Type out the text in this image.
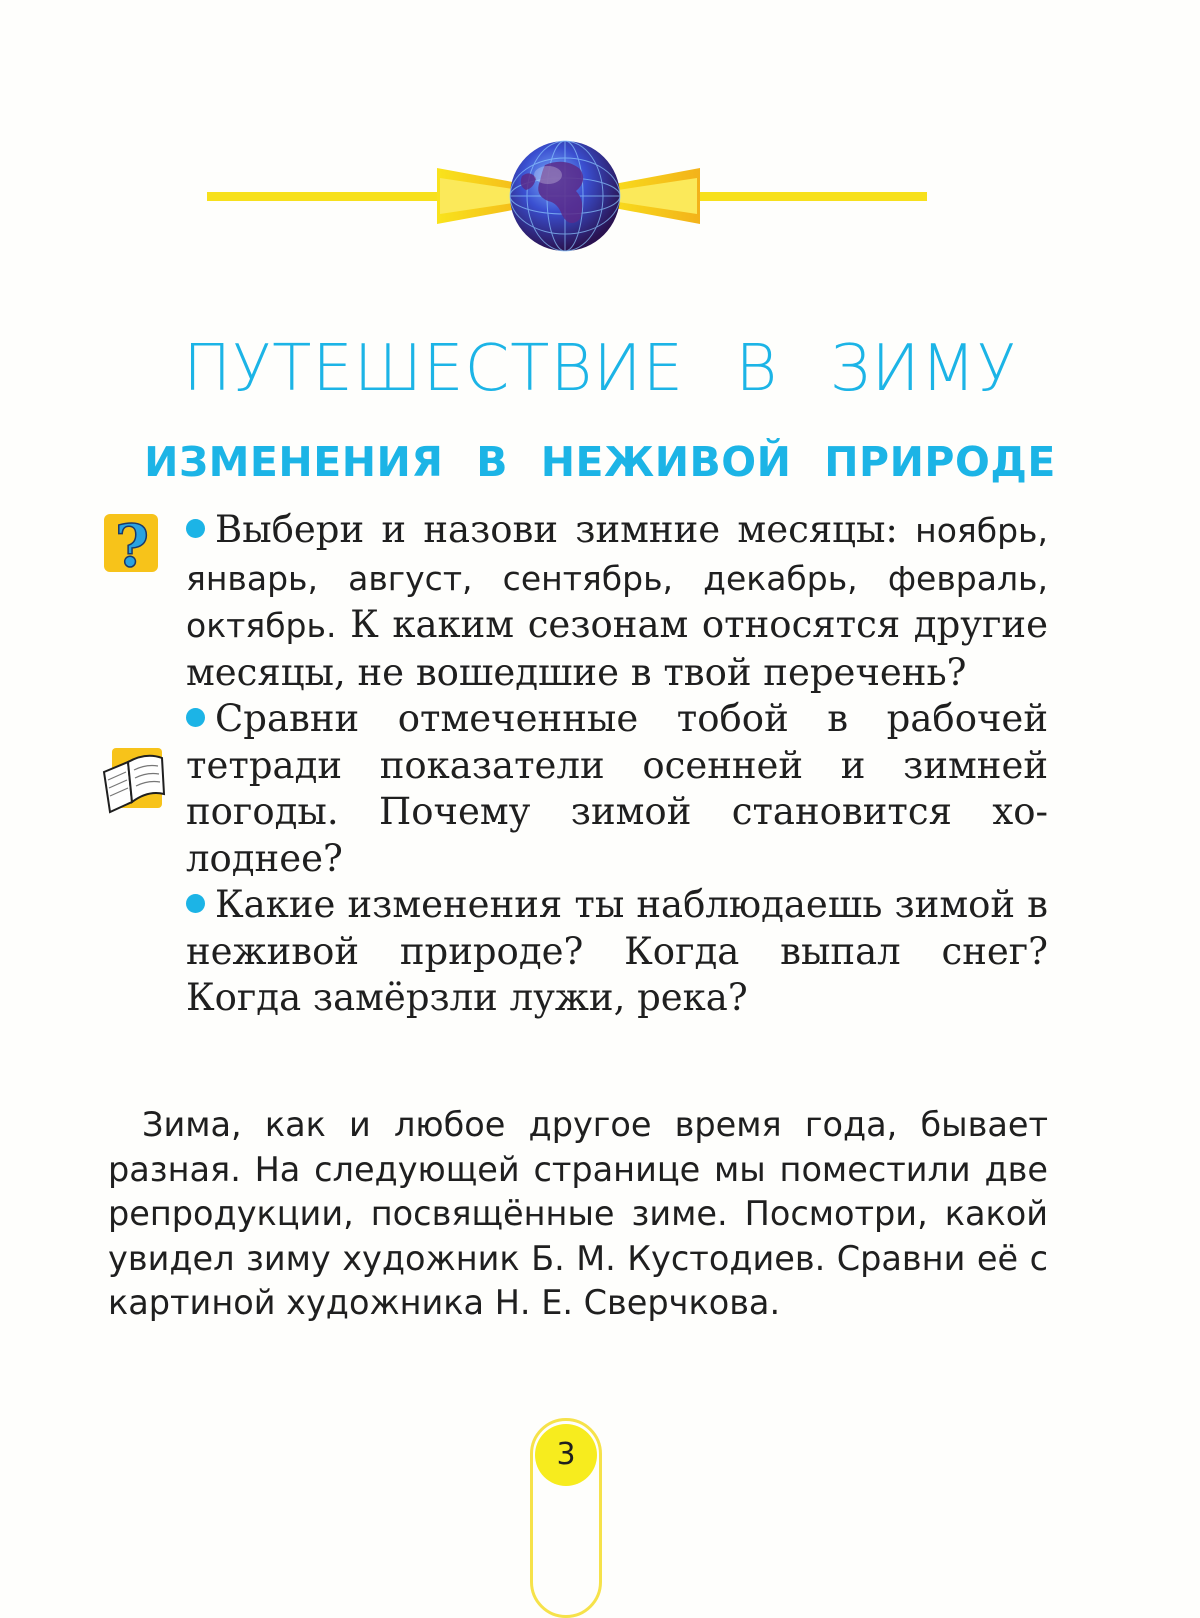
ПУТЕШЕСТВИЕ В ЗИМУ
ИЗМЕНЕНИЯ В НЕЖИВОЙ ПРИРОДЕ
?	Выбери и назови зимние месяцы: ноябрь, январь, август, сентябрь, декабрь, февраль, октябрь. К каким сезонам относятся другие месяцы, не вошедшие в твой перечень?
Сравни отмеченные тобой в рабочей тетради показатели осенней и зимней погоды. Почему зимой становится холоднее?
Какие изменения ты наблюдаешь зимой в неживой природе? Когда выпал снег? Когда замёрзли лужи, река?

Зима, как и любое другое время года, бывает разная. На следующей странице мы поместили две репродукции, посвящённые зиме. Посмотри, какой увидел зиму художник Б. М. Кустодиев. Сравни её с картиной художника Н. Е. Сверчкова.

3
